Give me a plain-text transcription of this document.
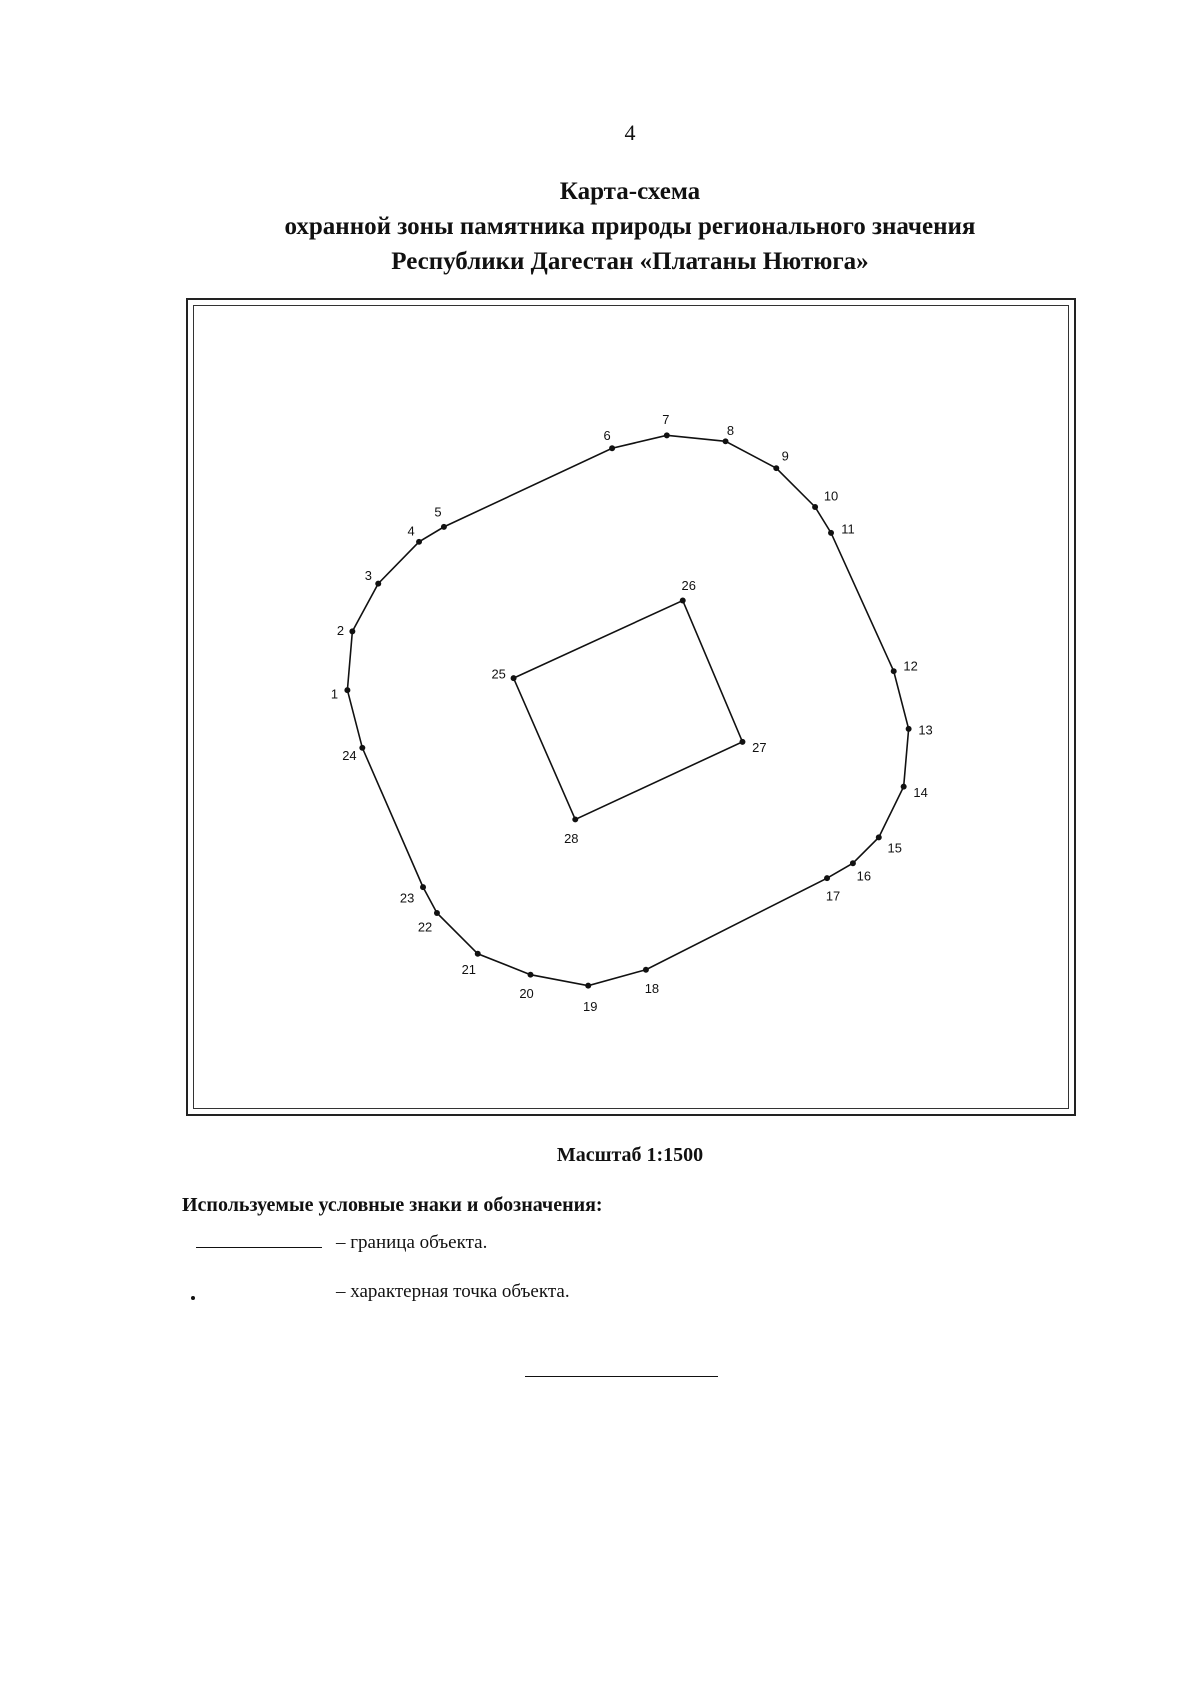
4
Карта-схема
охранной зоны памятника природы регионального значения
Республики Дагестан «Платаны Нютюга»
1
2
3
4
5
6
7
8
9
10
11
12
13
14
15
16
17
18
19
20
21
22
23
24
25
26
27
28
Масштаб 1:1500
Используемые условные знаки и обозначения:
– граница объекта.
– характерная точка объекта.
